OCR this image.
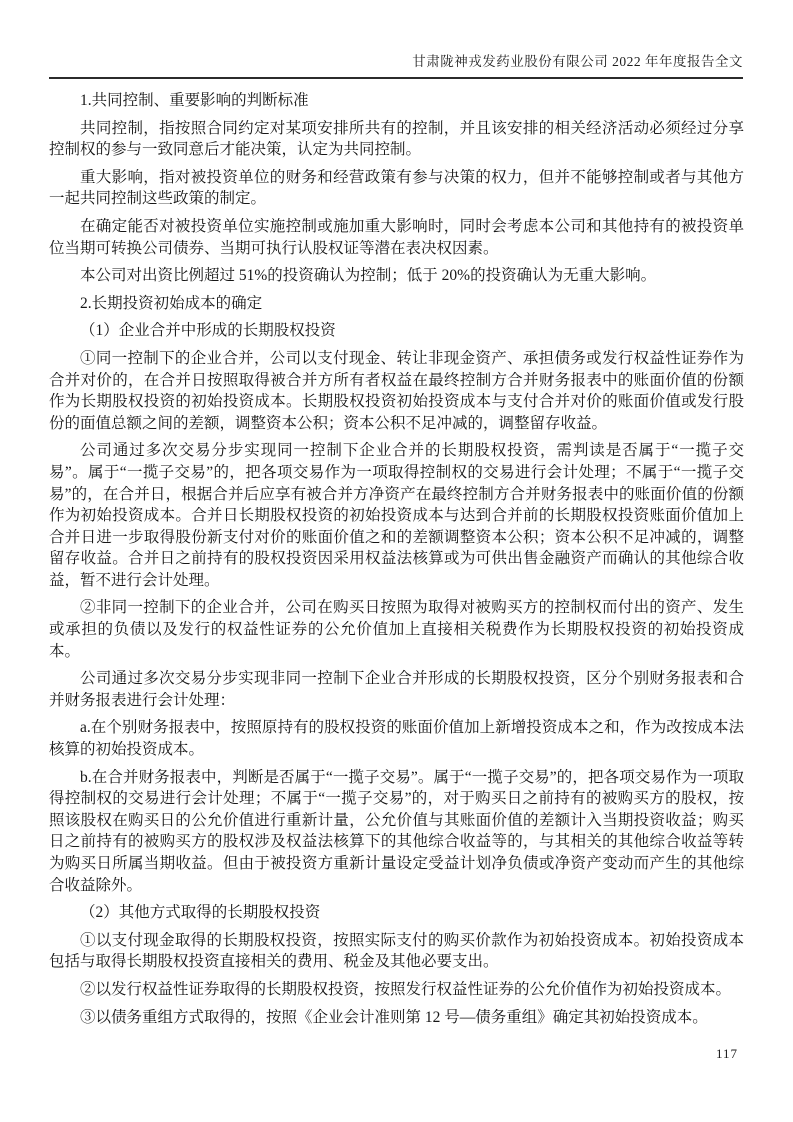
甘肃陇神戎发药业股份有限公司 2022 年年度报告全文

1.共同控制、重要影响的判断标准

共同控制，指按照合同约定对某项安排所共有的控制，并且该安排的相关经济活动必须经过分享控制权的参与一致同意后才能决策，认定为共同控制。

重大影响，指对被投资单位的财务和经营政策有参与决策的权力，但并不能够控制或者与其他方一起共同控制这些政策的制定。

在确定能否对被投资单位实施控制或施加重大影响时，同时会考虑本公司和其他持有的被投资单位当期可转换公司债券、当期可执行认股权证等潜在表决权因素。

本公司对出资比例超过 51%的投资确认为控制；低于 20%的投资确认为无重大影响。

2.长期投资初始成本的确定

（1）企业合并中形成的长期股权投资

①同一控制下的企业合并，公司以支付现金、转让非现金资产、承担债务或发行权益性证券作为合并对价的，在合并日按照取得被合并方所有者权益在最终控制方合并财务报表中的账面价值的份额作为长期股权投资的初始投资成本。长期股权投资初始投资成本与支付合并对价的账面价值或发行股份的面值总额之间的差额，调整资本公积；资本公积不足冲减的，调整留存收益。

公司通过多次交易分步实现同一控制下企业合并的长期股权投资，需判读是否属于“一揽子交易”。属于“一揽子交易”的，把各项交易作为一项取得控制权的交易进行会计处理；不属于“一揽子交易”的，在合并日，根据合并后应享有被合并方净资产在最终控制方合并财务报表中的账面价值的份额作为初始投资成本。合并日长期股权投资的初始投资成本与达到合并前的长期股权投资账面价值加上合并日进一步取得股份新支付对价的账面价值之和的差额调整资本公积；资本公积不足冲减的，调整留存收益。合并日之前持有的股权投资因采用权益法核算或为可供出售金融资产而确认的其他综合收益，暂不进行会计处理。

②非同一控制下的企业合并，公司在购买日按照为取得对被购买方的控制权而付出的资产、发生或承担的负债以及发行的权益性证券的公允价值加上直接相关税费作为长期股权投资的初始投资成本。

公司通过多次交易分步实现非同一控制下企业合并形成的长期股权投资，区分个别财务报表和合并财务报表进行会计处理：

a.在个别财务报表中，按照原持有的股权投资的账面价值加上新增投资成本之和，作为改按成本法核算的初始投资成本。

b.在合并财务报表中，判断是否属于“一揽子交易”。属于“一揽子交易”的，把各项交易作为一项取得控制权的交易进行会计处理；不属于“一揽子交易”的，对于购买日之前持有的被购买方的股权，按照该股权在购买日的公允价值进行重新计量，公允价值与其账面价值的差额计入当期投资收益；购买日之前持有的被购买方的股权涉及权益法核算下的其他综合收益等的，与其相关的其他综合收益等转为购买日所属当期收益。但由于被投资方重新计量设定受益计划净负债或净资产变动而产生的其他综合收益除外。

（2）其他方式取得的长期股权投资

①以支付现金取得的长期股权投资，按照实际支付的购买价款作为初始投资成本。初始投资成本包括与取得长期股权投资直接相关的费用、税金及其他必要支出。

②以发行权益性证券取得的长期股权投资，按照发行权益性证券的公允价值作为初始投资成本。

③以债务重组方式取得的，按照《企业会计准则第 12 号—债务重组》确定其初始投资成本。

117
